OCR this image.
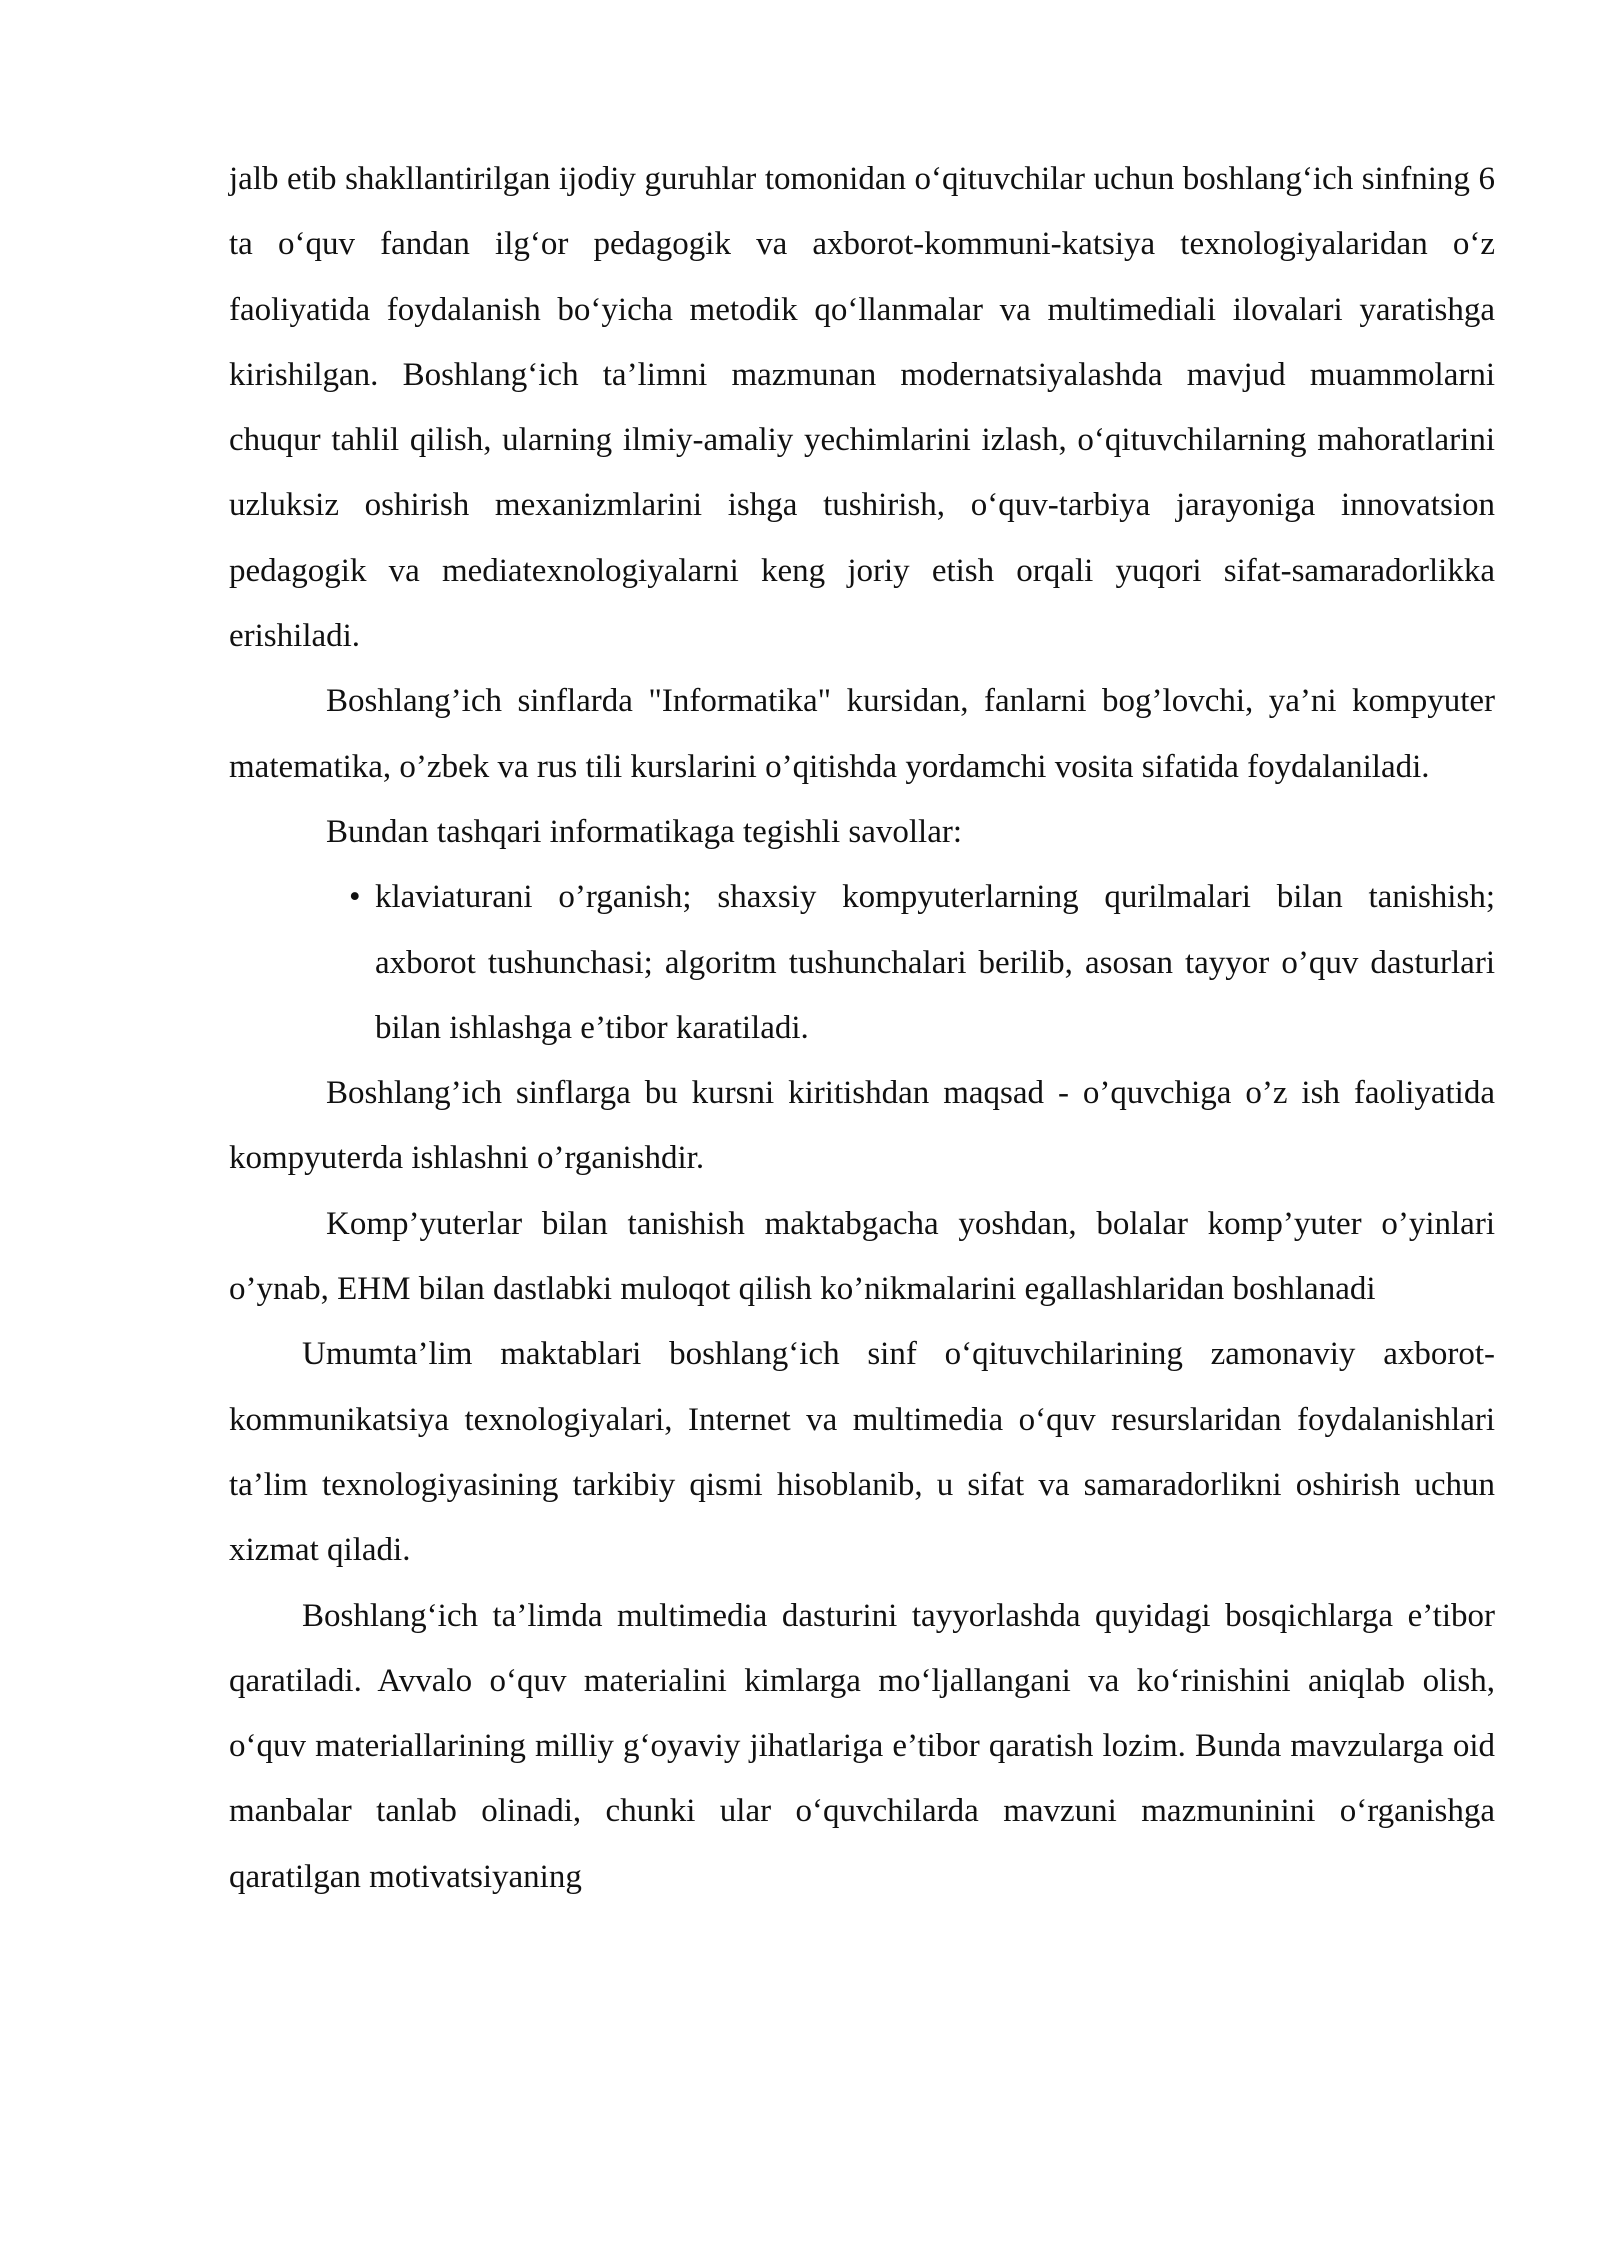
jalb etib shakllantirilgan ijodiy guruhlar tomonidan o‘qituvchilar uchun boshlang‘ich sinfning 6 ta o‘quv fandan ilg‘or pedagogik va axborot-kommuni-katsiya texnologiyalaridan o‘z faoliyatida foydalanish bo‘yicha metodik qo‘llanmalar va multimediali ilovalari yaratishga kirishilgan. Boshlang‘ich ta’limni mazmunan modernatsiyalashda mavjud muammolarni chuqur tahlil qilish, ularning ilmiy-amaliy yechimlarini izlash, o‘qituvchilarning mahoratlarini uzluksiz oshirish mexanizmlarini ishga tushirish, o‘quv-tarbiya jarayoniga innovatsion pedagogik va mediatexnologiyalarni keng joriy etish orqali yuqori sifat-samaradorlikka erishiladi.

Boshlang’ich sinflarda "Informatika" kursidan, fanlarni bog’lovchi, ya’ni kompyuter matematika, o’zbek va rus tili kurslarini o’qitishda yordamchi vosita sifatida foydalaniladi.

Bundan tashqari informatikaga tegishli savollar:

• klaviaturani o’rganish; shaxsiy kompyuterlarning qurilmalari bilan tanishish; axborot tushunchasi; algoritm tushunchalari berilib, asosan tayyor o’quv dasturlari bilan ishlashga e’tibor karatiladi.

Boshlang’ich sinflarga bu kursni kiritishdan maqsad - o’quvchiga o’z ish faoliyatida kompyuterda ishlashni o’rganishdir.

Komp’yuterlar bilan tanishish maktabgacha yoshdan, bolalar komp’yuter o’yinlari o’ynab, EHM bilan dastlabki muloqot qilish ko’nikmalarini egallashlaridan boshlanadi

Umumta’lim maktablari boshlang‘ich sinf o‘qituvchilarining zamonaviy axborot-kommunikatsiya texnologiyalari, Internet va multimedia o‘quv resurslaridan foydalanishlari ta’lim texnologiyasining tarkibiy qismi hisoblanib, u sifat va samaradorlikni oshirish uchun xizmat qiladi.

Boshlang‘ich ta’limda multimedia dasturini tayyorlashda quyidagi bosqichlarga e’tibor qaratiladi. Avvalo o‘quv materialini kimlarga mo‘ljallangani va ko‘rinishini aniqlab olish, o‘quv materiallarining milliy g‘oyaviy jihatlariga e’tibor qaratish lozim. Bunda mavzularga oid manbalar tanlab olinadi, chunki ular o‘quvchilarda mavzuni mazmuninini o‘rganishga qaratilgan motivatsiyaning
